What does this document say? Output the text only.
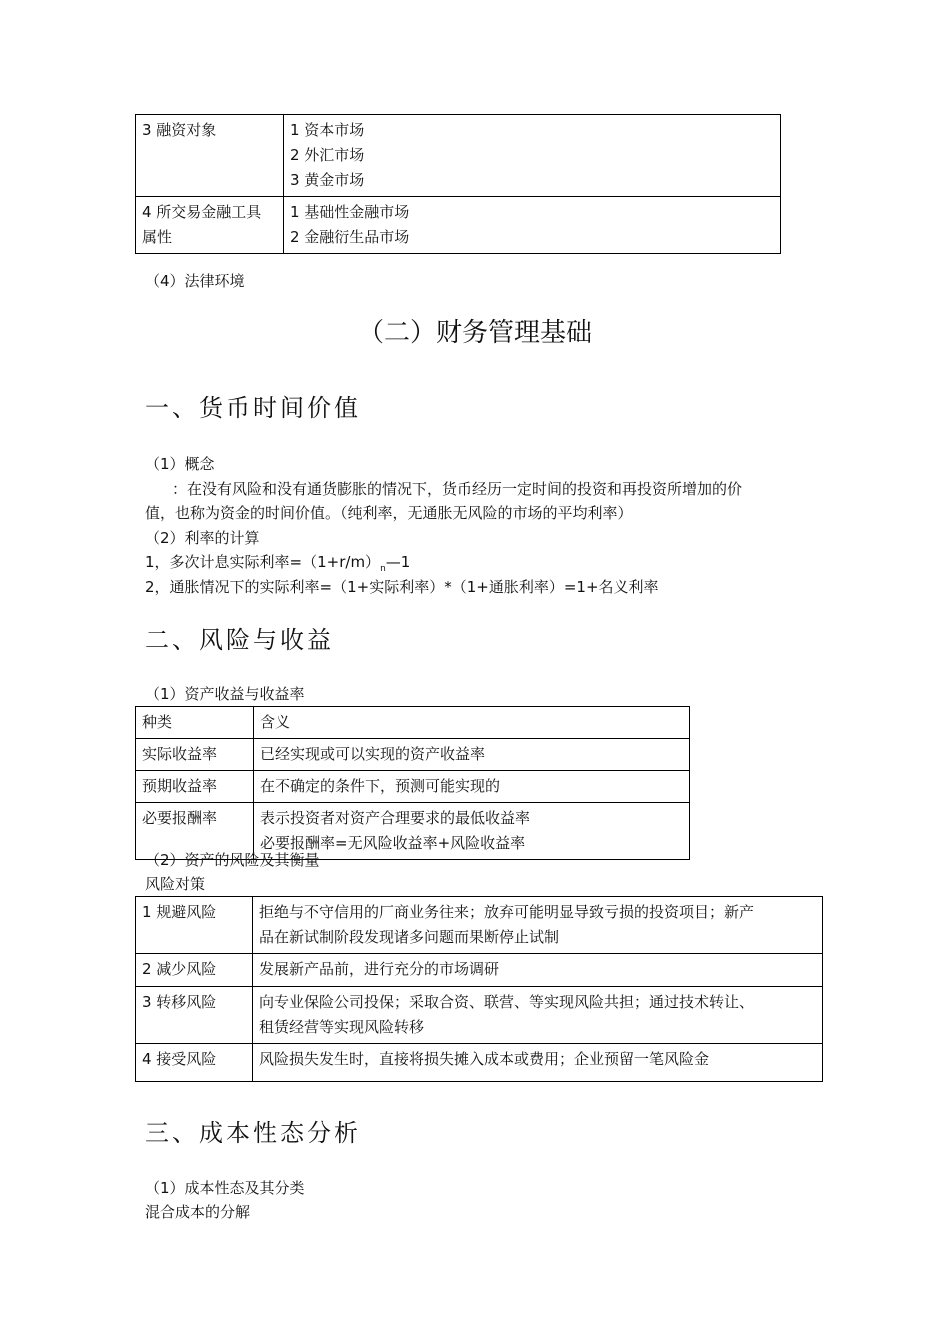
3 融资对象	1 资本市场
2 外汇市场
3 黄金市场

4 所交易金融工具
属性	1 基础性金融市场
2 金融衍生品市场
（4）法律环境
（二）财务管理基础
一、货币时间价值
（1）概念
：在没有风险和没有通货膨胀的情况下，货币经历一定时间的投资和再投资所增加的价
值，也称为资金的时间价值。（纯利率，无通胀无风险的市场的平均利率）
（2）利率的计算
1，多次计息实际利率$=(1+r/m)_n—1$
2，通胀情况下的实际利率=（1+实际利率）*（1+通胀利率）=1+名义利率
二、风险与收益
（1）资产收益与收益率
种类	含义
实际收益率	已经实现或可以实现的资产收益率
预期收益率	在不确定的条件下，预测可能实现的
必要报酬率	表示投资者对资产合理要求的最低收益率
必要报酬率=无风险收益率+风险收益率
（2）资产的风险及其衡量
风险对策
1 规避风险	拒绝与不守信用的厂商业务往来；放弃可能明显导致亏损的投资项目；新产
品在新试制阶段发现诸多问题而果断停止试制

2 减少风险	发展新产品前，进行充分的市场调研
3 转移风险	向专业保险公司投保；采取合资、联营、等实现风险共担；通过技术转让、
租赁经营等实现风险转移

4 接受风险	风险损失发生时，直接将损失摊入成本或费用；企业预留一笔风险金
三、成本性态分析
（1）成本性态及其分类
混合成本的分解
